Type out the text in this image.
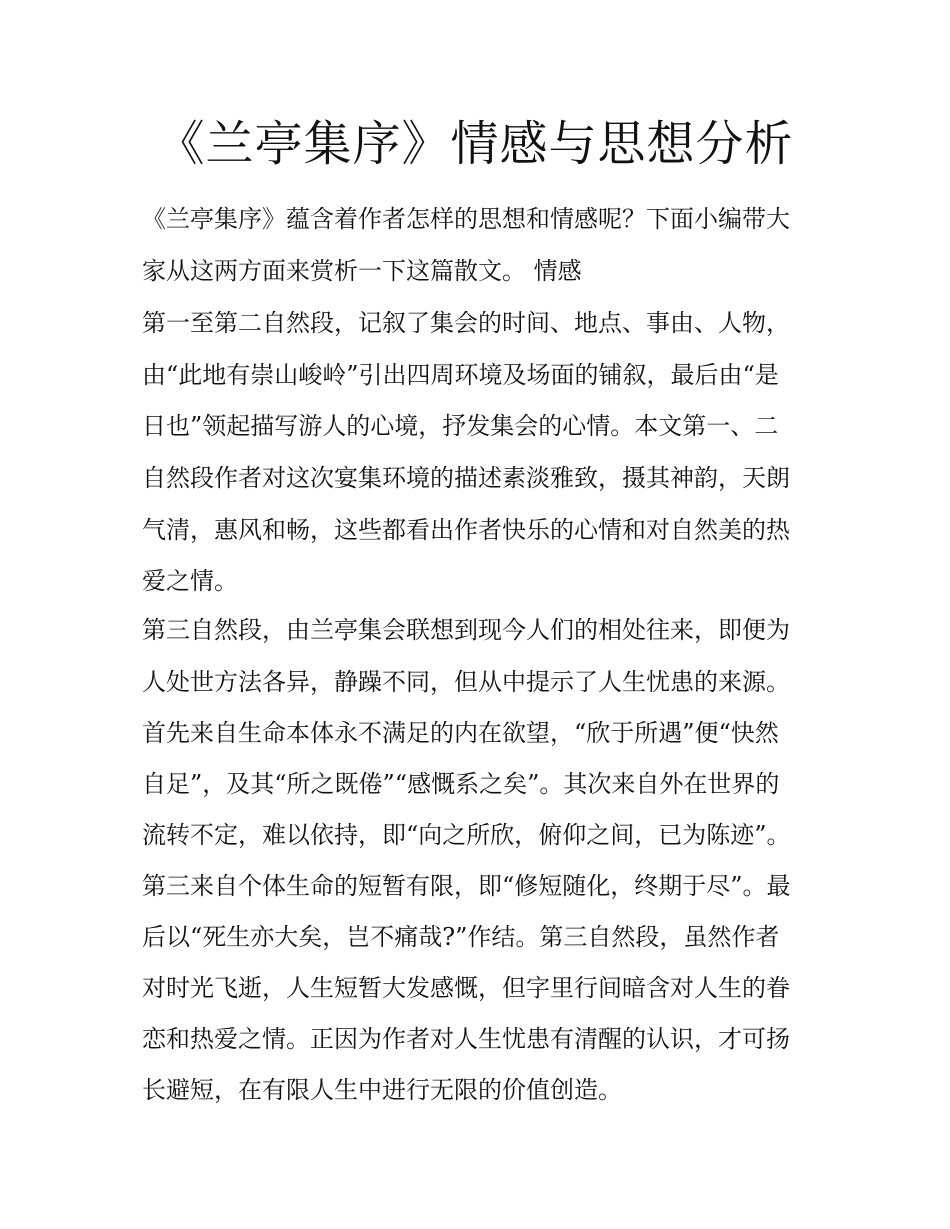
《兰亭集序》情感与思想分析
《兰亭集序》蕴含着作者怎样的思想和情感呢？下面小编带大
家从这两方面来赏析一下这篇散文。 情感
第一至第二自然段，记叙了集会的时间、地点、事由、人物，
由“此地有崇山峻岭”引出四周环境及场面的铺叙，最后由“是
日也”领起描写游人的心境，抒发集会的心情。本文第一、二
自然段作者对这次宴集环境的描述素淡雅致，摄其神韵，天朗
气清，惠风和畅，这些都看出作者快乐的心情和对自然美的热
爱之情。
第三自然段，由兰亭集会联想到现今人们的相处往来，即便为
人处世方法各异，静躁不同，但从中提示了人生忧患的来源。
首先来自生命本体永不满足的内在欲望，“欣于所遇”便“快然
自足”，及其“所之既倦”“感慨系之矣”。其次来自外在世界的
流转不定，难以依持，即“向之所欣，俯仰之间，已为陈迹”。
第三来自个体生命的短暂有限，即“修短随化，终期于尽”。最
后以“死生亦大矣，岂不痛哉?”作结。第三自然段，虽然作者
对时光飞逝，人生短暂大发感慨，但字里行间暗含对人生的眷
恋和热爱之情。正因为作者对人生忧患有清醒的认识，才可扬
长避短，在有限人生中进行无限的价值创造。
